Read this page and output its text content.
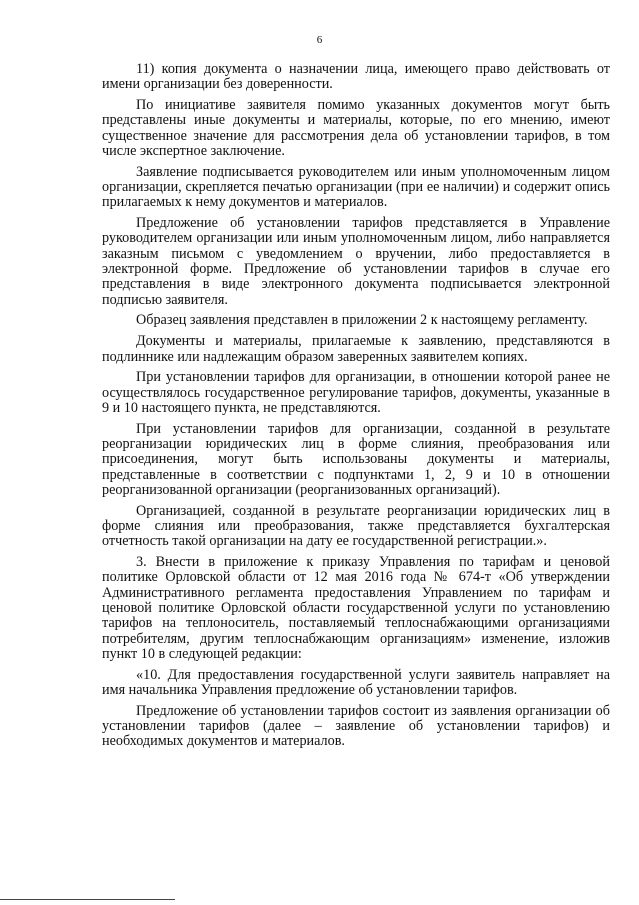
6

11) копия документа о назначении лица, имеющего право действовать от имени организации без доверенности.

По инициативе заявителя помимо указанных документов могут быть представлены иные документы и материалы, которые, по его мнению, имеют существенное значение для рассмотрения дела об установлении тарифов, в том числе экспертное заключение.

Заявление подписывается руководителем или иным уполномоченным лицом организации, скрепляется печатью организации (при ее наличии) и содержит опись прилагаемых к нему документов и материалов.

Предложение об установлении тарифов представляется в Управление руководителем организации или иным уполномоченным лицом, либо направляется заказным письмом с уведомлением о вручении, либо предоставляется в электронной форме. Предложение об установлении тарифов в случае его представления в виде электронного документа подписывается электронной подписью заявителя.

Образец заявления представлен в приложении 2 к настоящему регламенту.

Документы и материалы, прилагаемые к заявлению, представляются в подлиннике или надлежащим образом заверенных заявителем копиях.

При установлении тарифов для организации, в отношении которой ранее не осуществлялось государственное регулирование тарифов, документы, указанные в 9 и 10 настоящего пункта, не представляются.

При установлении тарифов для организации, созданной в результате реорганизации юридических лиц в форме слияния, преобразования или присоединения, могут быть использованы документы и материалы, представленные в соответствии с подпунктами 1, 2, 9 и 10 в отношении реорганизованной организации (реорганизованных организаций).

Организацией, созданной в результате реорганизации юридических лиц в форме слияния или преобразования, также представляется бухгалтерская отчетность такой организации на дату ее государственной регистрации.».

3. Внести в приложение к приказу Управления по тарифам и ценовой политике Орловской области от 12 мая 2016 года № 674-т «Об утверждении Административного регламента предоставления Управлением по тарифам и ценовой политике Орловской области государственной услуги по установлению тарифов на теплоноситель, поставляемый теплоснабжающими организациями потребителям, другим теплоснабжающим организациям» изменение, изложив пункт 10 в следующей редакции:

«10. Для предоставления государственной услуги заявитель направляет на имя начальника Управления предложение об установлении тарифов.

Предложение об установлении тарифов состоит из заявления организации об установлении тарифов (далее – заявление об установлении тарифов) и необходимых документов и материалов.
